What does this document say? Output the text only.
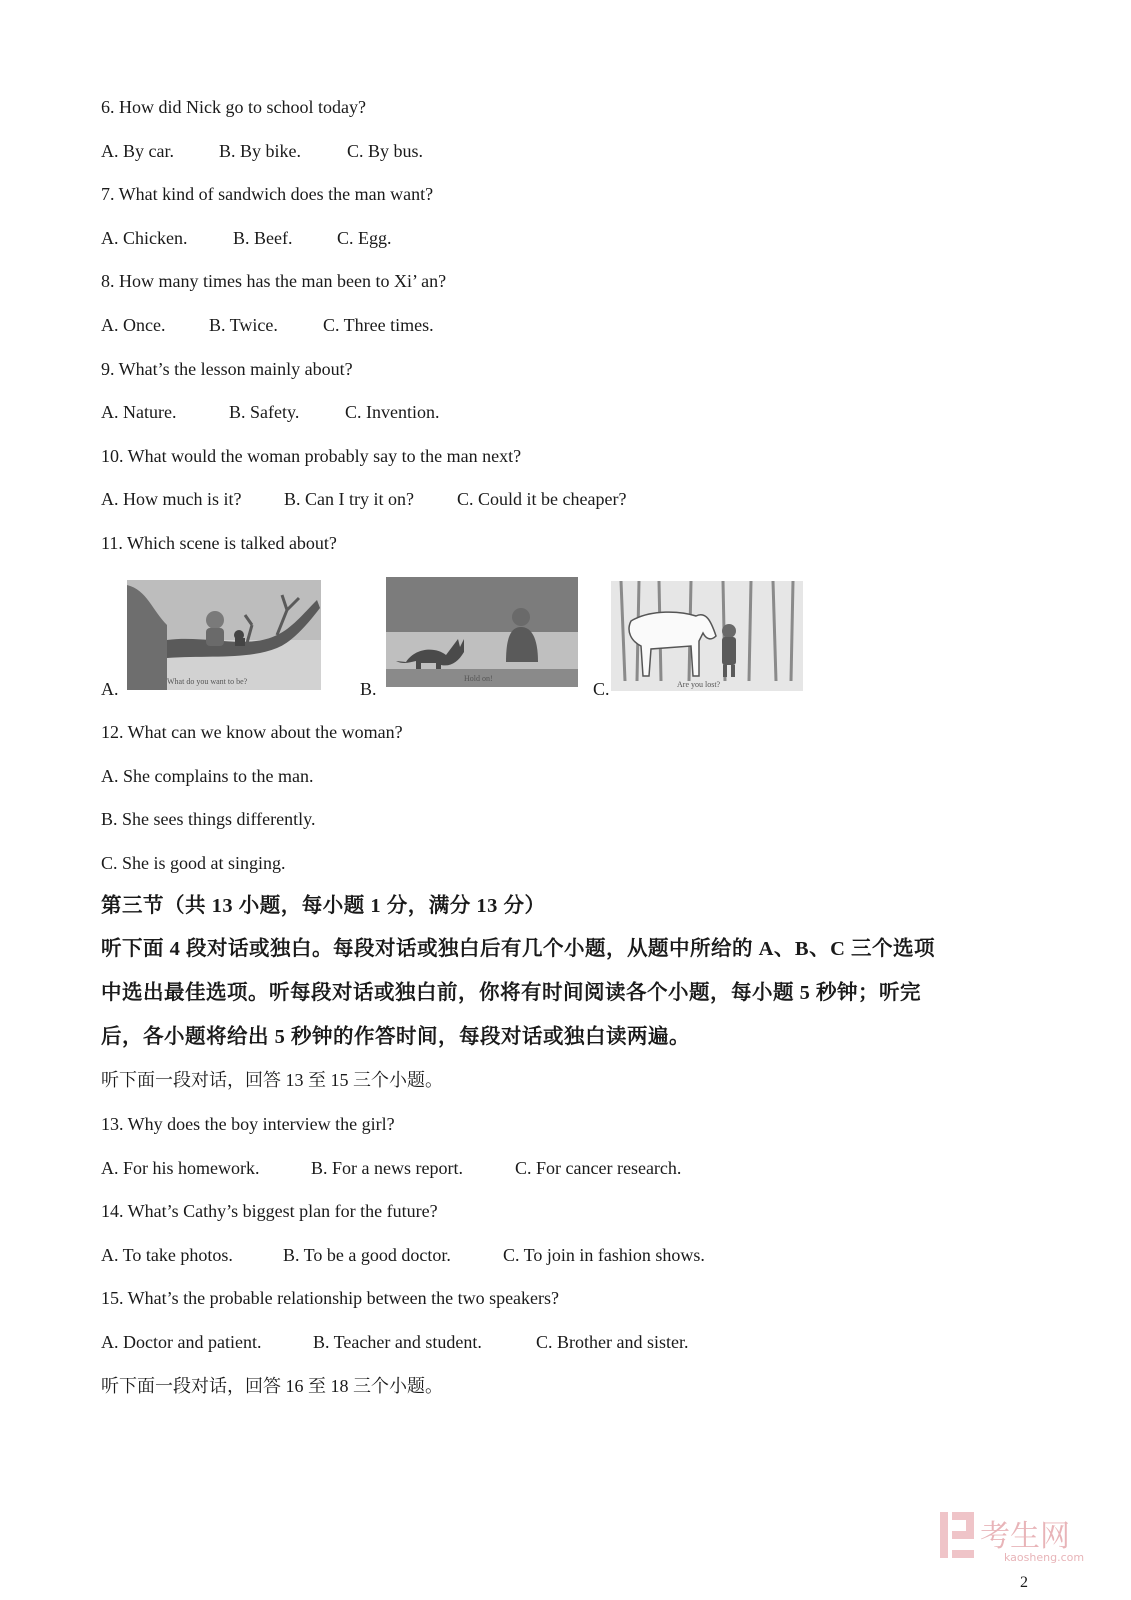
6. How did Nick go to school today?
A. By car.	B. By bike.	C. By bus.
7. What kind of sandwich does the man want?
A. Chicken.	B. Beef. C. Egg.
8. How many times has the man been to Xi’ an?
A. Once. B. Twice.	C. Three times.
9. What’s the lesson mainly about?
A. Nature.	B. Safety.	C. Invention.
10. What would the woman probably say to the man next?
A. How much is it? B. Can I try it on? C. Could it be cheaper?
11. Which scene is talked about?
A.	What do you want to be?	B.
Hold on!
C.	Are you lost?
12. What can we know about the woman?
A. She complains to the man.
B. She sees things differently.
C. She is good at singing.
第三节（共 13 小题，每小题 1 分，满分 13 分）
听下面 4 段对话或独白。每段对话或独白后有几个小题，从题中所给的 A、B、C 三个选项
中选出最佳选项。听每段对话或独白前，你将有时间阅读各个小题，每小题 5 秒钟；听完
后，各小题将给出 5 秒钟的作答时间，每段对话或独白读两遍。
听下面一段对话，回答 13 至 15 三个小题。
13. Why does the boy interview the girl?
A. For his homework.	B. For a news report.	C. For cancer research.
14. What’s Cathy’s biggest plan for the future?
A. To take photos.	B. To be a good doctor.	C. To join in fashion shows.
15. What’s the probable relationship between the two speakers?
A. Doctor and patient.	B. Teacher and student.	C. Brother and sister.
听下面一段对话，回答 16 至 18 三个小题。
考生网
kaosheng.com
2
